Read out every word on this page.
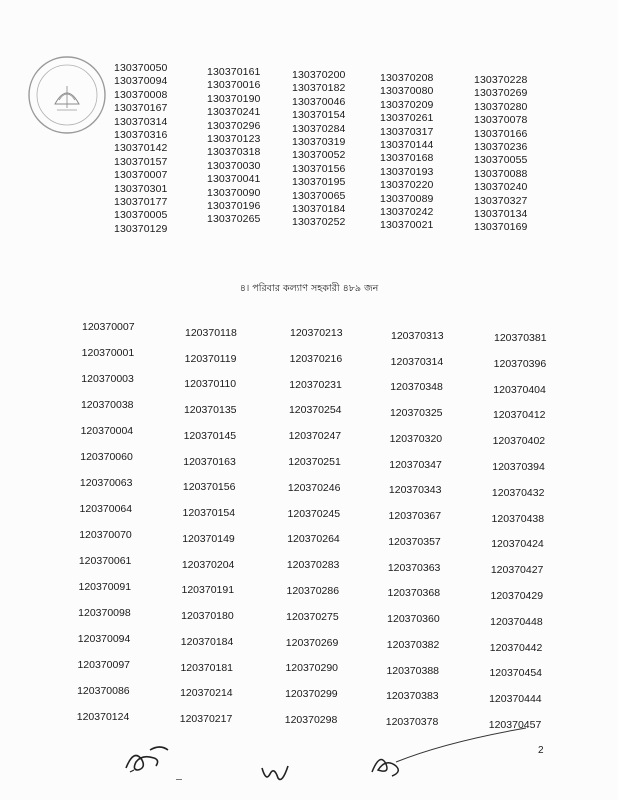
130370050
130370094
130370008
130370167
130370314
130370316
130370142
130370157
130370007
130370301
130370177
130370005
130370129
130370161
130370016
130370190
130370241
130370296
130370123
130370318
130370030
130370041
130370090
130370196
130370265
130370200
130370182
130370046
130370154
130370284
130370319
130370052
130370156
130370195
130370065
130370184
130370252
130370208
130370080
130370209
130370261
130370317
130370144
130370168
130370193
130370220
130370089
130370242
130370021
130370228
130370269
130370280
130370078
130370166
130370236
130370055
130370088
130370240
130370327
130370134
130370169
৪। পরিবার কল্যাণ সহকারী ৪৮৯ জন
120370007
120370001
120370003
120370038
120370004
120370060
120370063
120370064
120370070
120370061
120370091
120370098
120370094
120370097
120370086
120370124
120370118
120370119
120370110
120370135
120370145
120370163
120370156
120370154
120370149
120370204
120370191
120370180
120370184
120370181
120370214
120370217
120370213
120370216
120370231
120370254
120370247
120370251
120370246
120370245
120370264
120370283
120370286
120370275
120370269
120370290
120370299
120370298
120370313
120370314
120370348
120370325
120370320
120370347
120370343
120370367
120370357
120370363
120370368
120370360
120370382
120370388
120370383
120370378
120370381
120370396
120370404
120370412
120370402
120370394
120370432
120370438
120370424
120370427
120370429
120370448
120370442
120370454
120370444
120370457
2
